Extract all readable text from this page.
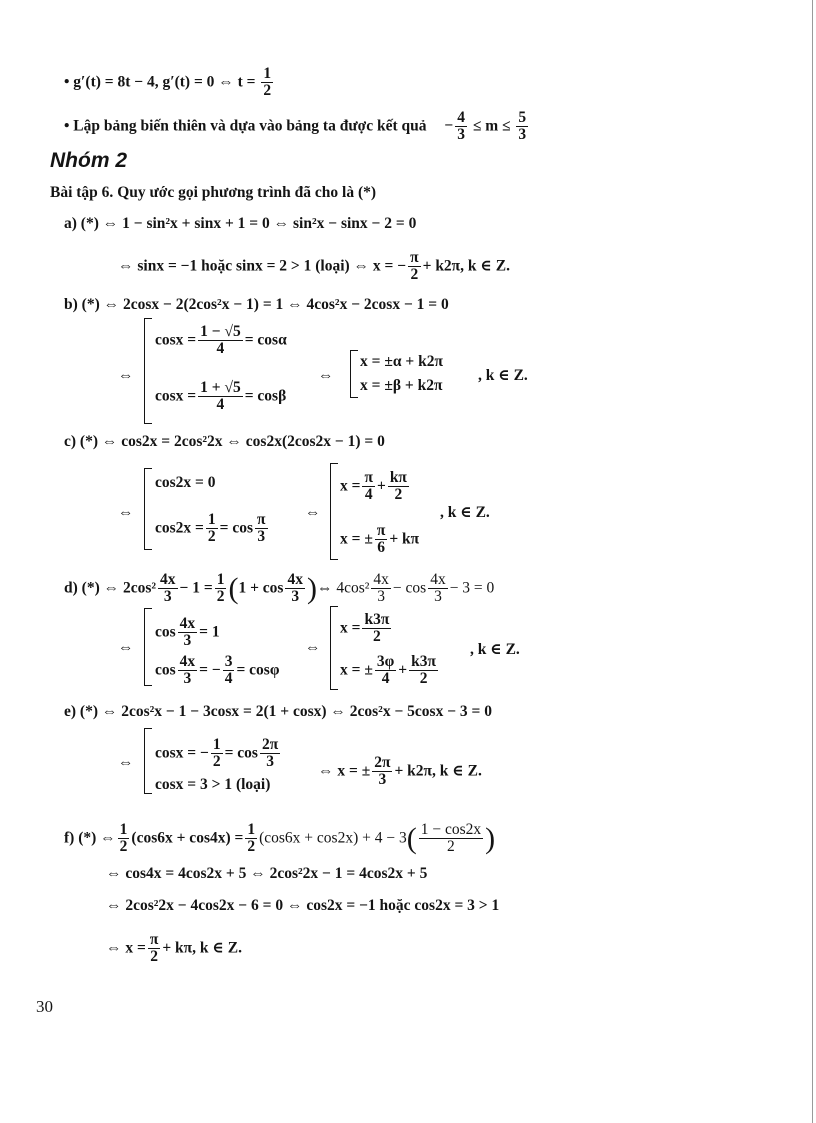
• g′(t) = 8t − 4, g′(t) = 0 ⇔ $t = \frac{1}{2}$
• Lập bảng biến thiên và dựa vào bảng ta được kết quả − $\frac{4}{3} \le m \le \frac{5}{3}$
Nhóm 2
Bài tập 6. Quy ước gọi phương trình đã cho là (*)
a) (*) ⇔ 1 − sin²x + sinx + 1 = 0 ⇔ sin²x − sinx − 2 = 0
⇔ sinx = −1 hoặc sinx = 2 > 1 (loại) ⇔ x = − $\frac{\pi}{2} + k2\pi$, k ∈ Z.
b) (*) ⇔ 2cosx − 2(2cos²x − 1) = 1 ⇔ 4cos²x − 2cosx − 1 = 0
⇔
$\cos x = \frac{1 - √5}{4} = \cos\alpha$
$\cos x = \frac{1 + √5}{4} = \cos\beta$
⇔
x = ±α + k2π
x = ±β + k2π
, k ∈ Z.
c) (*) ⇔ cos2x = 2cos²2x ⇔ cos2x(2cos2x − 1) = 0
⇔
cos2x = 0
$\cos 2x = \frac{1}{2} = \cos \frac{\pi}{3}$ ⇔
$x = \frac{\pi}{4} + \frac{k\pi}{2}$
x = ± $\frac{\pi}{6} + k\pi$
, k ∈ Z.
d) (*) ⇔ $2\cos^2 \frac{4x}{3} - 1 = \frac{1}{2} (1 + \cos \frac{4x}{3}$ )⇔ $4\cos^2 \frac{4x}{3} - \cos \frac{4x}{3} - 3 = 0$
⇔
$\cos \frac{4x}{3} = 1$
$\cos \frac{4x}{3}$ = − $\frac{3}{4} = \cos\varphi$
⇔
$x = \frac{k3\pi}{2}$
x = ± $\frac{3\varphi}{4} + \frac{k3\pi}{2}$
, k ∈ Z.
e) (*) ⇔ 2cos²x − 1 − 3cosx = 2(1 + cosx) ⇔ 2cos²x − 5cosx − 3 = 0
⇔
cosx = − $\frac{1}{2} = \cos \frac{2\pi}{3}$
cosx = 3 > 1 (loại)
⇔ x = ± $\frac{2\pi}{3} + k2\pi$, k ∈ Z.
f) (*) ⇔ $\frac{1}{2} (\cos 6x + \cos 4x) = \frac{1}{2} (\cos 6x + \cos 2x) + 4 - 3( \frac{1 - \cos 2x}{2}$ )
⇔ cos4x = 4cos2x + 5 ⇔ 2cos²2x − 1 = 4cos2x + 5
⇔ 2cos²2x − 4cos2x − 6 = 0 ⇔ cos2x = −1 hoặc cos2x = 3 > 1
⇔ $x = \frac{\pi}{2} + k\pi$, k ∈ Z.
30
